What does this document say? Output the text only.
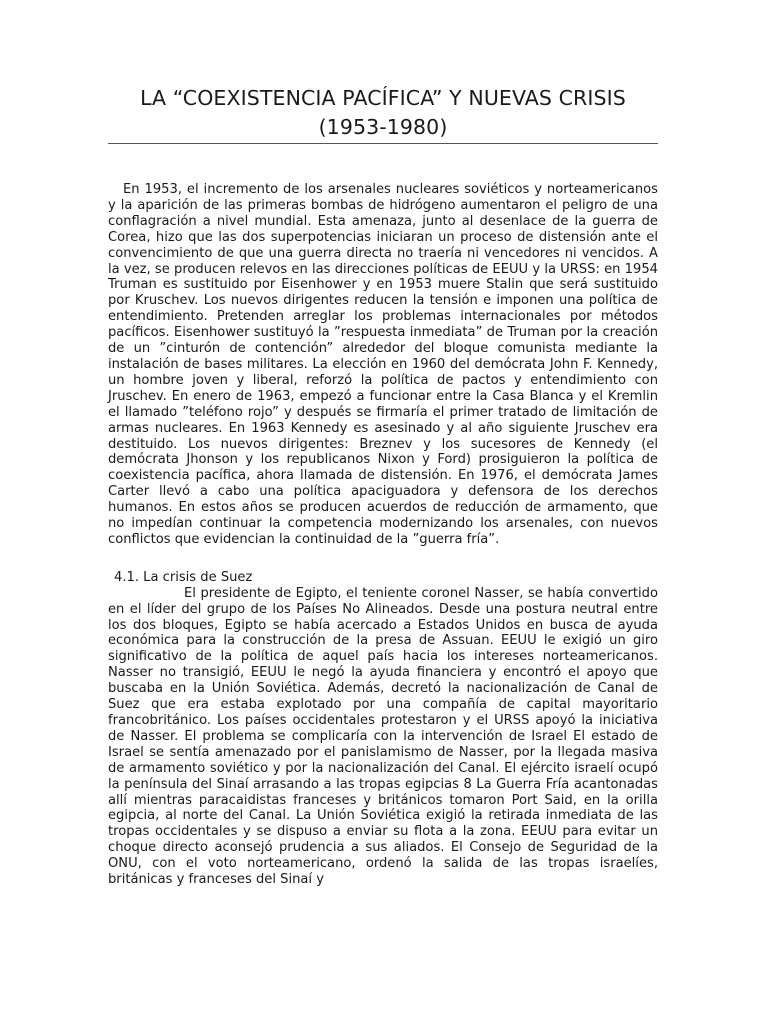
LA “COEXISTENCIA PACÍFICA” Y NUEVAS CRISIS
(1953-1980)

En 1953, el incremento de los arsenales nucleares soviéticos y norteamericanos y la aparición de las primeras bombas de hidrógeno aumentaron el peligro de una conflagración a nivel mundial. Esta amenaza, junto al desenlace de la guerra de Corea, hizo que las dos superpotencias iniciaran un proceso de distensión ante el convencimiento de que una guerra directa no traería ni vencedores ni vencidos. A la vez, se producen relevos en las direcciones políticas de EEUU y la URSS: en 1954 Truman es sustituido por Eisenhower y en 1953 muere Stalin que será sustituido por Kruschev. Los nuevos dirigentes reducen la tensión e imponen una política de entendimiento. Pretenden arreglar los problemas internacionales por métodos pacíficos. Eisenhower sustituyó la ”respuesta inmediata” de Truman por la creación de un ”cinturón de contención” alrededor del bloque comunista mediante la instalación de bases militares. La elección en 1960 del demócrata John F. Kennedy, un hombre joven y liberal, reforzó la política de pactos y entendimiento con Jruschev. En enero de 1963, empezó a funcionar entre la Casa Blanca y el Kremlin el llamado ”teléfono rojo” y después se firmaría el primer tratado de limitación de armas nucleares. En 1963 Kennedy es asesinado y al año siguiente Jruschev era destituido. Los nuevos dirigentes: Breznev y los sucesores de Kennedy (el demócrata Jhonson y los republicanos Nixon y Ford) prosiguieron la política de coexistencia pacífica, ahora llamada de distensión. En 1976, el demócrata James Carter llevó a cabo una política apaciguadora y defensora de los derechos humanos. En estos años se producen acuerdos de reducción de armamento, que no impedían continuar la competencia modernizando los arsenales, con nuevos conflictos que evidencian la continuidad de la ”guerra fría”.

4.1. La crisis de Suez

El presidente de Egipto, el teniente coronel Nasser, se había convertido en el líder del grupo de los Países No Alineados. Desde una postura neutral entre los dos bloques, Egipto se había acercado a Estados Unidos en busca de ayuda económica para la construcción de la presa de Assuan. EEUU le exigió un giro significativo de la política de aquel país hacia los intereses norteamericanos. Nasser no transigió, EEUU le negó la ayuda financiera y encontró el apoyo que buscaba en la Unión Soviética. Además, decretó la nacionalización de Canal de Suez que era estaba explotado por una compañía de capital mayoritario francobritánico. Los países occidentales protestaron y el URSS apoyó la iniciativa de Nasser. El problema se complicaría con la intervención de Israel El estado de Israel se sentía amenazado por el panislamismo de Nasser, por la llegada masiva de armamento soviético y por la nacionalización del Canal. El ejército israelí ocupó la península del Sinaí arrasando a las tropas egipcias 8 La Guerra Fría acantonadas allí mientras paracaidistas franceses y británicos tomaron Port Said, en la orilla egipcia, al norte del Canal. La Unión Soviética exigió la retirada inmediata de las tropas occidentales y se dispuso a enviar su flota a la zona. EEUU para evitar un choque directo aconsejó prudencia a sus aliados. El Consejo de Seguridad de la ONU, con el voto norteamericano, ordenó la salida de las tropas israelíes, británicas y franceses del Sinaí y
